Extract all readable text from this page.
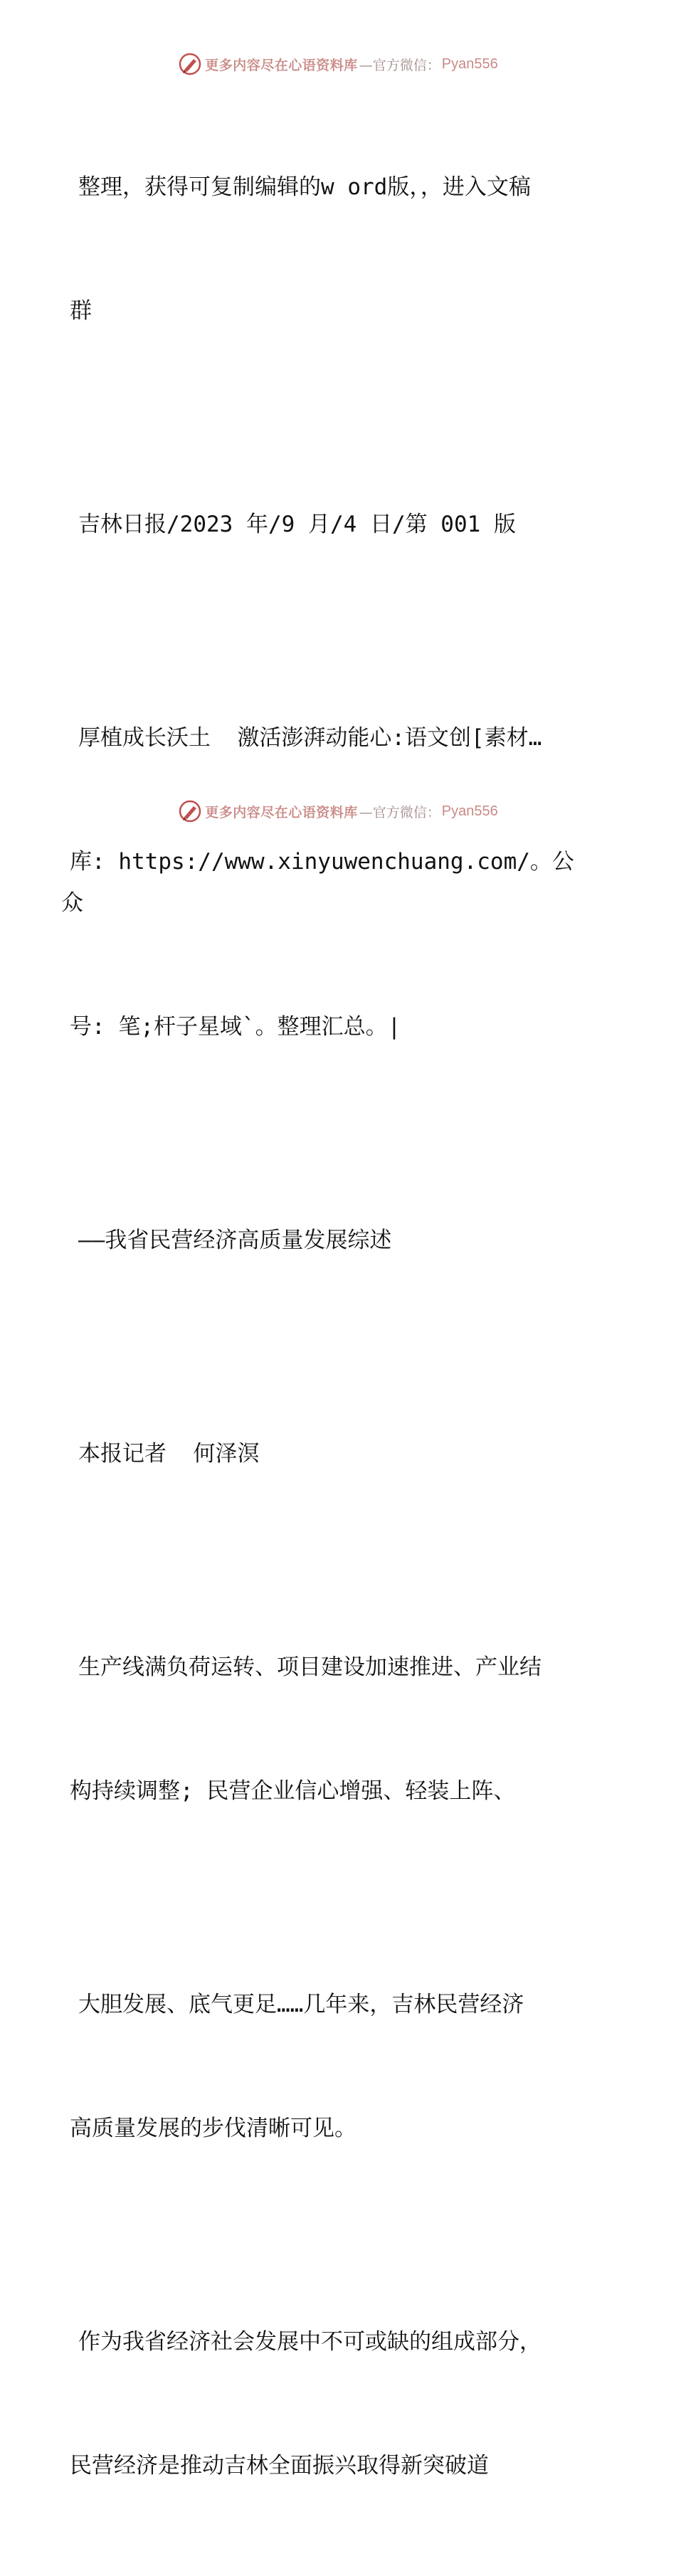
更多内容尽在心语资料库 —官方微信： Pyan556

整理，获得可复制编辑的w ord版，，进入文稿

群

吉林日报/2023 年/9 月/4 日/第 001 版

厚植成长沃土  激活澎湃动能心:语文创[素材…

库: https://www.xinyuwenchuang.com/。公众

号: 笔;杆子星域`。整理汇总。|

——我省民营经济高质量发展综述

本报记者  何泽溟

生产线满负荷运转、项目建设加速推进、产业结

构持续调整; 民营企业信心增强、轻装上阵、

大胆发展、底气更足……几年来，吉林民营经济

高质量发展的步伐清晰可见。

作为我省经济社会发展中不可或缺的组成部分，

民营经济是推动吉林全面振兴取得新突破道

更多内容尽在心语资料库 —官方微信： Pyan556
